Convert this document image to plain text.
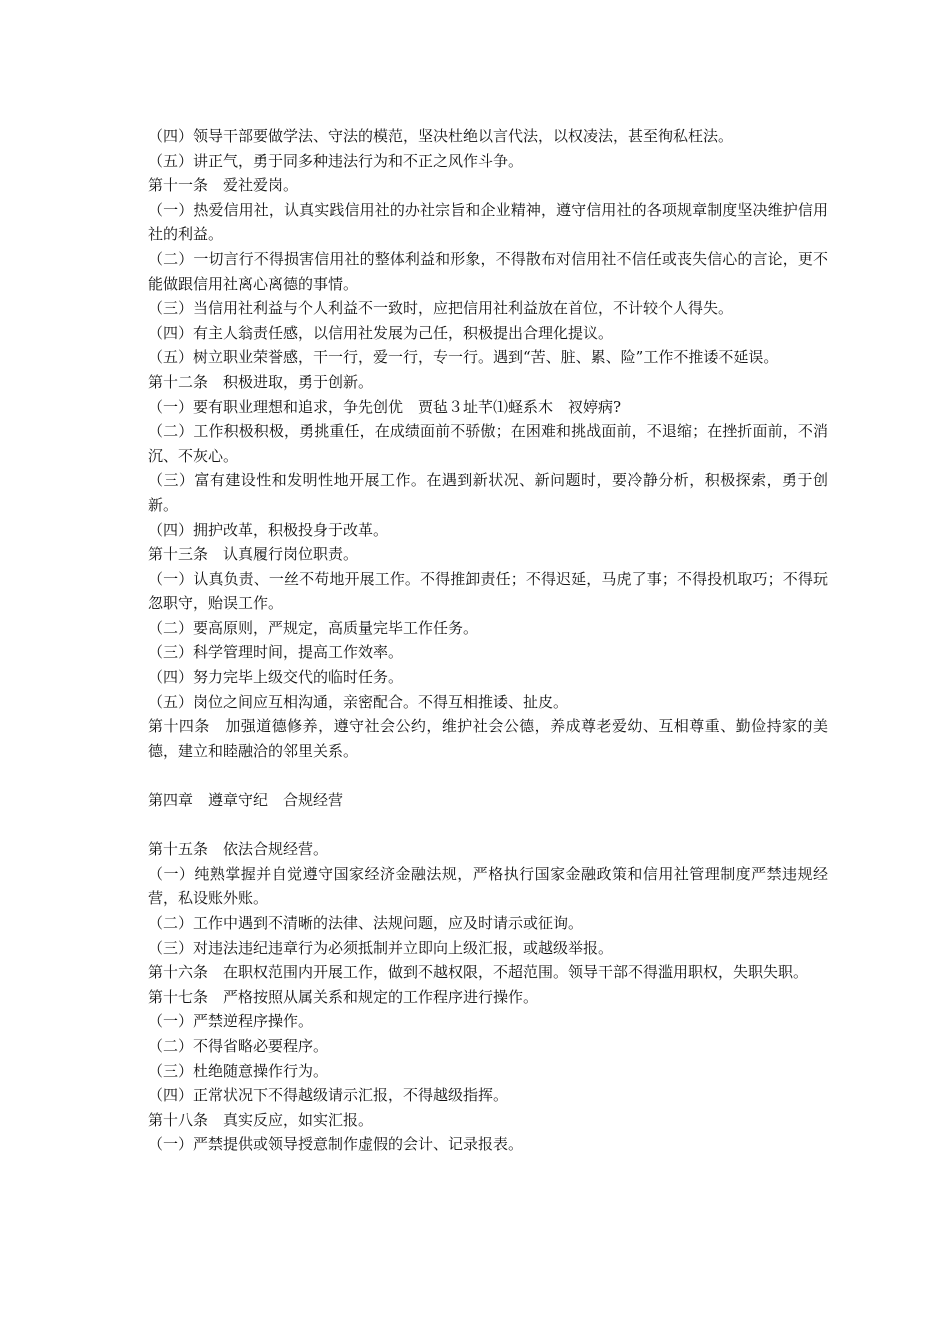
（四）领导干部要做学法、守法的模范，坚决杜绝以言代法，以权凌法，甚至徇私枉法。

（五）讲正气，勇于同多种违法行为和不正之风作斗争。

第十一条　爱社爱岗。

（一）热爱信用社，认真实践信用社的办社宗旨和企业精神，遵守信用社的各项规章制度坚决维护信用社的利益。

（二）一切言行不得损害信用社的整体利益和形象，不得散布对信用社不信任或丧失信心的言论，更不能做跟信用社离心离德的事情。

（三）当信用社利益与个人利益不一致时，应把信用社利益放在首位，不计较个人得失。

（四）有主人翁责任感，以信用社发展为己任，积极提出合理化提议。

（五）树立职业荣誉感，干一行，爱一行，专一行。遇到“苦、脏、累、险”工作不推诿不延误。

第十二条　积极进取，勇于创新。

（一）要有职业理想和追求，争先创优　贾毡３址芊⑴蛏系木　衩婷病?

（二）工作积极积极，勇挑重任，在成绩面前不骄傲；在困难和挑战面前，不退缩；在挫折面前，不消沉、不灰心。

（三）富有建设性和发明性地开展工作。在遇到新状况、新问题时，要冷静分析，积极探索，勇于创新。

（四）拥护改革，积极投身于改革。

第十三条　认真履行岗位职责。

（一）认真负责、一丝不苟地开展工作。不得推卸责任；不得迟延，马虎了事；不得投机取巧；不得玩忽职守，贻误工作。

（二）要高原则，严规定，高质量完毕工作任务。

（三）科学管理时间，提高工作效率。

（四）努力完毕上级交代的临时任务。

（五）岗位之间应互相沟通，亲密配合。不得互相推诿、扯皮。

第十四条　加强道德修养，遵守社会公约，维护社会公德，养成尊老爱幼、互相尊重、勤俭持家的美德，建立和睦融洽的邻里关系。

第四章　遵章守纪　合规经营

第十五条　依法合规经营。

（一）纯熟掌握并自觉遵守国家经济金融法规，严格执行国家金融政策和信用社管理制度严禁违规经营，私设账外账。

（二）工作中遇到不清晰的法律、法规问题，应及时请示或征询。

（三）对违法违纪违章行为必须抵制并立即向上级汇报，或越级举报。

第十六条　在职权范围内开展工作，做到不越权限，不超范围。领导干部不得滥用职权，失职失职。

第十七条　严格按照从属关系和规定的工作程序进行操作。

（一）严禁逆程序操作。

（二）不得省略必要程序。

（三）杜绝随意操作行为。

（四）正常状况下不得越级请示汇报，不得越级指挥。

第十八条　真实反应，如实汇报。

（一）严禁提供或领导授意制作虚假的会计、记录报表。
